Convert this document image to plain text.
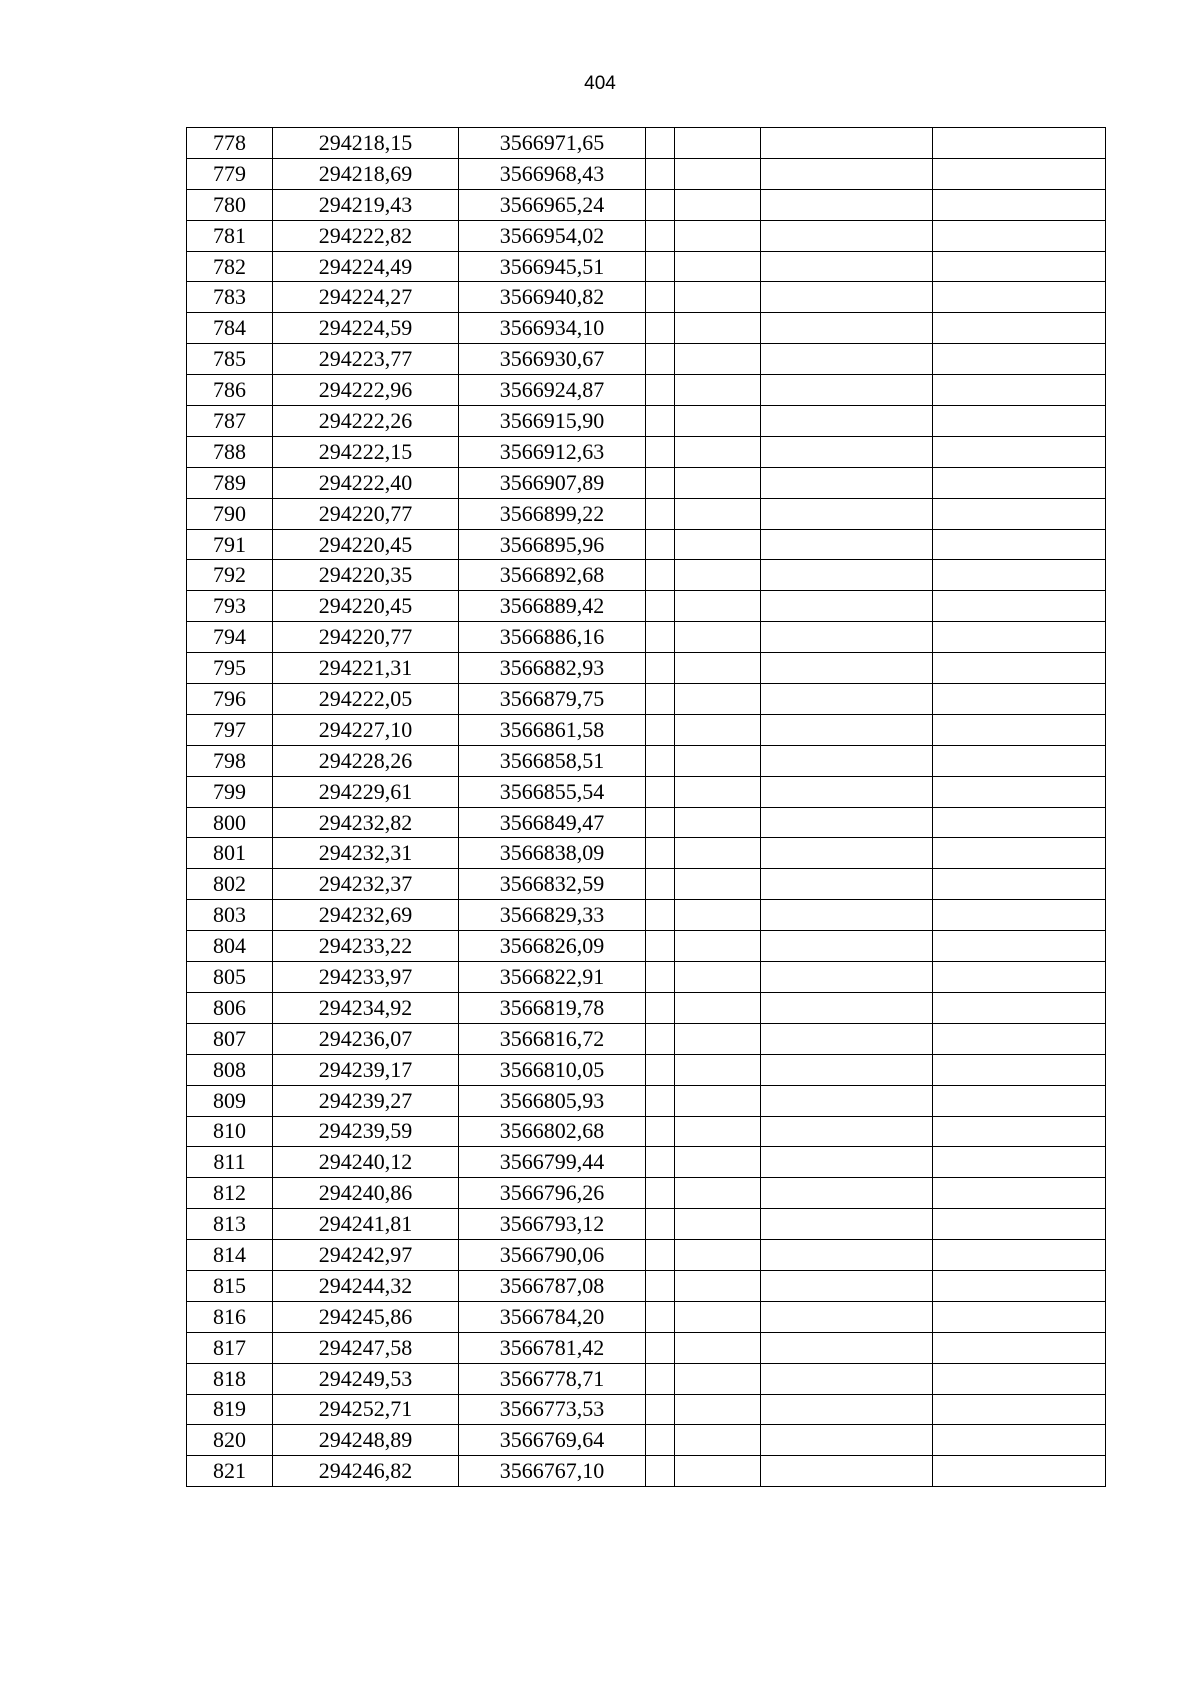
404
778	294218,15	3566971,65				
779	294218,69	3566968,43				
780	294219,43	3566965,24				
781	294222,82	3566954,02				
782	294224,49	3566945,51				
783	294224,27	3566940,82				
784	294224,59	3566934,10				
785	294223,77	3566930,67				
786	294222,96	3566924,87				
787	294222,26	3566915,90				
788	294222,15	3566912,63				
789	294222,40	3566907,89				
790	294220,77	3566899,22				
791	294220,45	3566895,96				
792	294220,35	3566892,68				
793	294220,45	3566889,42				
794	294220,77	3566886,16				
795	294221,31	3566882,93				
796	294222,05	3566879,75				
797	294227,10	3566861,58				
798	294228,26	3566858,51				
799	294229,61	3566855,54				
800	294232,82	3566849,47				
801	294232,31	3566838,09				
802	294232,37	3566832,59				
803	294232,69	3566829,33				
804	294233,22	3566826,09				
805	294233,97	3566822,91				
806	294234,92	3566819,78				
807	294236,07	3566816,72				
808	294239,17	3566810,05				
809	294239,27	3566805,93				
810	294239,59	3566802,68				
811	294240,12	3566799,44				
812	294240,86	3566796,26				
813	294241,81	3566793,12				
814	294242,97	3566790,06				
815	294244,32	3566787,08				
816	294245,86	3566784,20				
817	294247,58	3566781,42				
818	294249,53	3566778,71				
819	294252,71	3566773,53				
820	294248,89	3566769,64				
821	294246,82	3566767,10				
